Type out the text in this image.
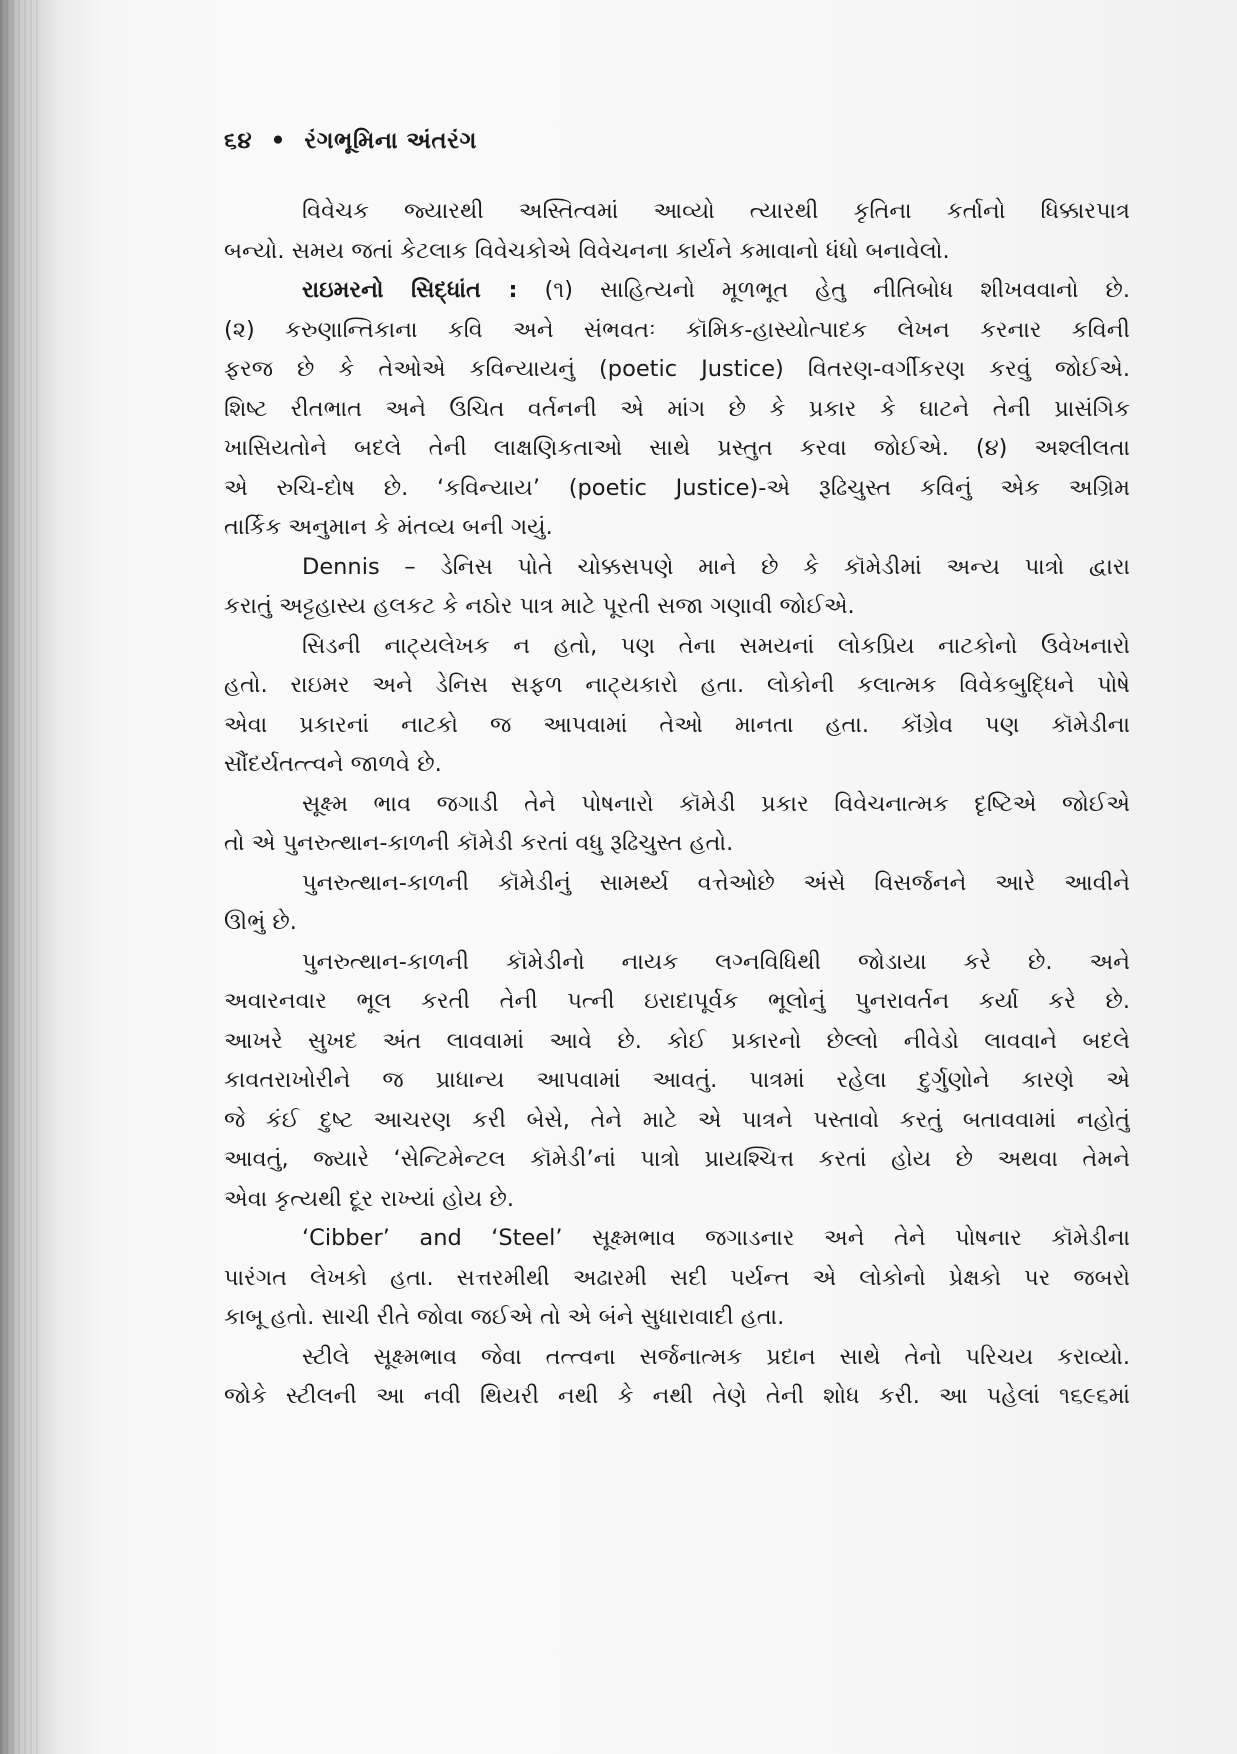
૬૪ • રંગભૂમિના અંતરંગ
વિવેચક જ્યારથી અસ્તિત્વમાં આવ્યો ત્યારથી કૃતિના કર્તાનો ધિક્કારપાત્ર
બન્યો. સમય જતાં કેટલાક વિવેચકોએ વિવેચનના કાર્યને કમાવાનો ધંધો બનાવેલો.
રાઇમરનો સિદ્ધાંત : (૧) સાહિત્યનો મૂળભૂત હેતુ નીતિબોધ શીખવવાનો છે.
(૨) કરુણાન્તિકાના કવિ અને સંભવતઃ કૉમિક-હાસ્યોત્પાદક લેખન કરનાર કવિની
ફરજ છે કે તેઓએ કવિન્યાયનું (poetic Justice) વિતરણ-વર્ગીકરણ કરવું જોઈએ.
શિષ્ટ રીતભાત અને ઉચિત વર્તનની એ માંગ છે કે પ્રકાર કે ઘાટને તેની પ્રાસંગિક
ખાસિયતોને બદલે તેની લાક્ષણિકતાઓ સાથે પ્રસ્તુત કરવા જોઈએ. (૪) અશ્લીલતા
એ રુચિ-દોષ છે. ‘કવિન્યાય’ (poetic Justice)-એ રૂઢિચુસ્ત કવિનું એક અગ્રિમ
તાર્કિક અનુમાન કે મંતવ્ય બની ગયું.
Dennis – ડેનિસ પોતે ચોક્કસપણે માને છે કે કૉમેડીમાં અન્ય પાત્રો દ્વારા
કરાતું અટ્ટહાસ્ય હલકટ કે નઠોર પાત્ર માટે પૂરતી સજા ગણાવી જોઈએ.
સિડની નાટ્યલેખક ન હતો, પણ તેના સમયનાં લોકપ્રિય નાટકોનો ઉવેખનારો
હતો. રાઇમર અને ડેનિસ સફળ નાટ્યકારો હતા. લોકોની કલાત્મક વિવેકબુદ્ધિને પોષે
એવા પ્રકારનાં નાટકો જ આપવામાં તેઓ માનતા હતા. કૉંગ્રેવ પણ કૉમેડીના
સૌંદર્યતત્ત્વને જાળવે છે.
સૂક્ષ્મ ભાવ જગાડી તેને પોષનારો કૉમેડી પ્રકાર વિવેચનાત્મક દૃષ્ટિએ જોઈએ
તો એ પુનરુત્થાન-કાળની કૉમેડી કરતાં વધુ રૂઢિચુસ્ત હતો.
પુનરુત્થાન-કાળની કૉમેડીનું સામર્થ્ય વત્તેઓછે અંસે વિસર્જનને આરે આવીને
ઊભું છે.
પુનરુત્થાન-કાળની કૉમેડીનો નાયક લગ્નવિધિથી જોડાયા કરે છે. અને
અવારનવાર ભૂલ કરતી તેની પત્ની ઇરાદાપૂર્વક ભૂલોનું પુનરાવર્તન કર્યા કરે છે.
આખરે સુખદ અંત લાવવામાં આવે છે. કોઈ પ્રકારનો છેલ્લો નીવેડો લાવવાને બદલે
કાવતરાખોરીને જ પ્રાધાન્ય આપવામાં આવતું. પાત્રમાં રહેલા દુર્ગુણોને કારણે એ
જે કંઈ દુષ્ટ આચરણ કરી બેસે, તેને માટે એ પાત્રને પસ્તાવો કરતું બતાવવામાં નહોતું
આવતું, જ્યારે ‘સેન્ટિમેન્ટલ કૉમેડી’નાં પાત્રો પ્રાયશ્ચિત્ત કરતાં હોય છે અથવા તેમને
એવા કૃત્યથી દૂર રાખ્યાં હોય છે.
‘Cibber’ and ‘Steel’ સૂક્ષ્મભાવ જગાડનાર અને તેને પોષનાર કૉમેડીના
પારંગત લેખકો હતા. સત્તરમીથી અઢારમી સદી પર્યન્ત એ લોકોનો પ્રેક્ષકો પર જબરો
કાબૂ હતો. સાચી રીતે જોવા જઈએ તો એ બંને સુધારાવાદી હતા.
સ્ટીલે સૂક્ષ્મભાવ જેવા તત્ત્વના સર્જનાત્મક પ્રદાન સાથે તેનો પરિચય કરાવ્યો.
જોકે સ્ટીલની આ નવી થિયરી નથી કે નથી તેણે તેની શોધ કરી. આ પહેલાં ૧૬૯૬માં
